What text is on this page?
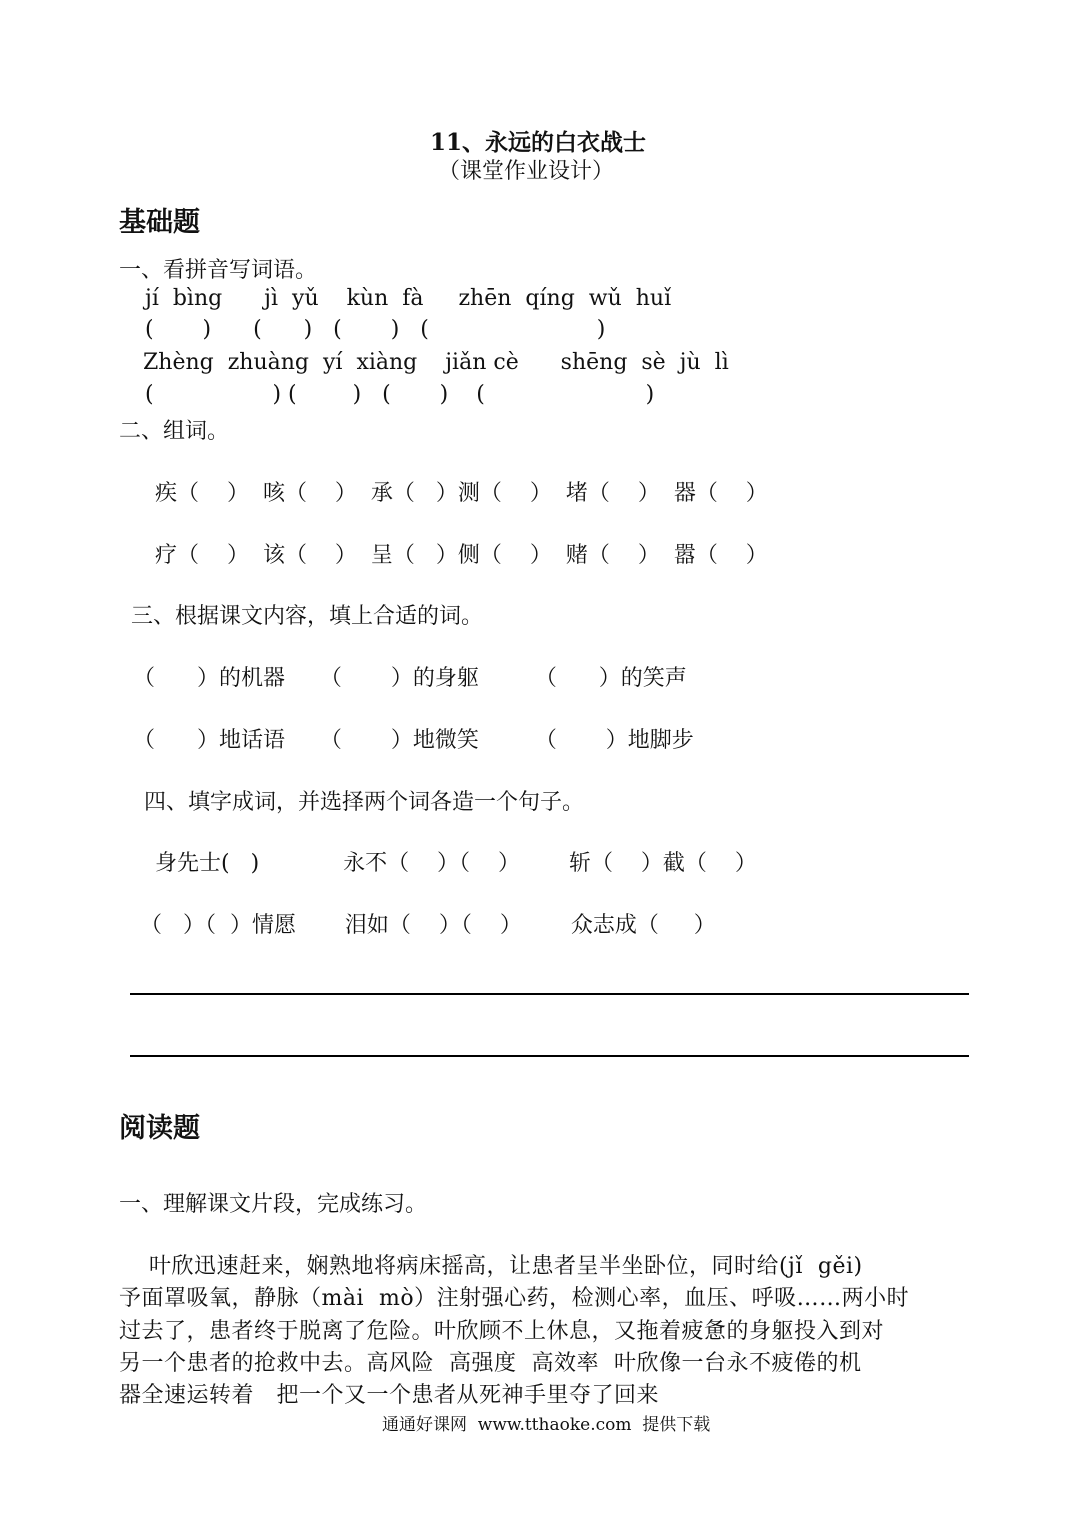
11、永远的白衣战士
（课堂作业设计）
基础题
一、看拼音写词语。
jí  bìng      jì  yǔ    kùn  fà     zhēn  qíng  wǔ  huǐ
(       )      (      )   (       )   (                        )
Zhèng  zhuàng  yí  xiàng    jiǎn cè      shēng  sè  jù  lì
(                 ) (        )   (       )    (                       )
二、组词。
疾（    ）  咳（    ）  承（   ）测（    ）  堵（    ）  器（    ）
疗（    ）  该（    ）  呈（   ）侧（    ）  赌（    ）  嚣（    ）
三、根据课文内容，填上合适的词。
（      ）的机器     （       ）的身躯        （      ）的笑声
（      ）地话语     （       ）地微笑        （       ）地脚步
四、填字成词，并选择两个词各造一个句子。
身先士(   )            永不（    ）（    ）       斩（    ）截（    ）
（   ）（  ）情愿       泪如（    ）（    ）       众志成（     ）
阅读题
一、理解课文片段，完成练习。
叶欣迅速赶来，娴熟地将病床摇高，让患者呈半坐卧位，同时给(jǐ  gěi)
予面罩吸氧，静脉（mài  mò）注射强心药，检测心率，血压、呼吸……两小时
过去了，患者终于脱离了危险。叶欣顾不上休息，又拖着疲惫的身躯投入到对
另一个患者的抢救中去。高风险  高强度  高效率  叶欣像一台永不疲倦的机
器全速运转着   把一个又一个患者从死神手里夺了回来
通通好课网  www.tthaoke.com  提供下载
